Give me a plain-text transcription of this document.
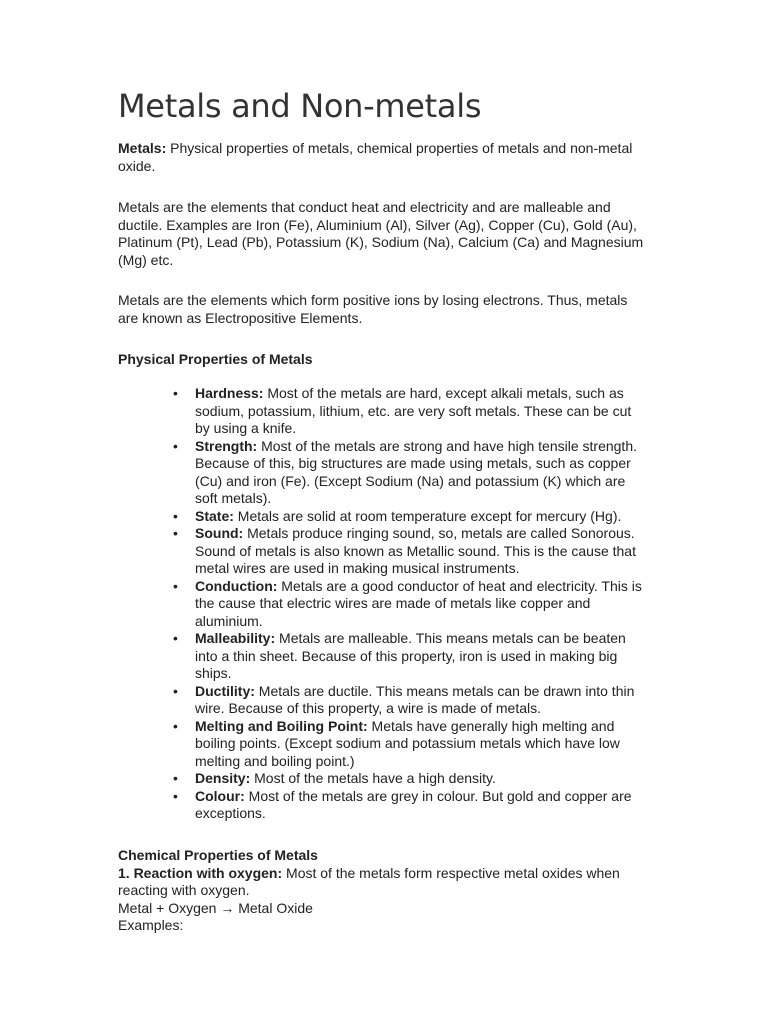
Metals and Non-metals

Metals: Physical properties of metals, chemical properties of metals and non-metal oxide.

Metals are the elements that conduct heat and electricity and are malleable and ductile. Examples are Iron (Fe), Aluminium (Al), Silver (Ag), Copper (Cu), Gold (Au), Platinum (Pt), Lead (Pb), Potassium (K), Sodium (Na), Calcium (Ca) and Magnesium (Mg) etc.

Metals are the elements which form positive ions by losing electrons. Thus, metals are known as Electropositive Elements.

Physical Properties of Metals

• Hardness: Most of the metals are hard, except alkali metals, such as sodium, potassium, lithium, etc. are very soft metals. These can be cut by using a knife.
• Strength: Most of the metals are strong and have high tensile strength. Because of this, big structures are made using metals, such as copper (Cu) and iron (Fe). (Except Sodium (Na) and potassium (K) which are soft metals).
• State: Metals are solid at room temperature except for mercury (Hg).
• Sound: Metals produce ringing sound, so, metals are called Sonorous. Sound of metals is also known as Metallic sound. This is the cause that metal wires are used in making musical instruments.
• Conduction: Metals are a good conductor of heat and electricity. This is the cause that electric wires are made of metals like copper and aluminium.
• Malleability: Metals are malleable. This means metals can be beaten into a thin sheet. Because of this property, iron is used in making big ships.
• Ductility: Metals are ductile. This means metals can be drawn into thin wire. Because of this property, a wire is made of metals.
• Melting and Boiling Point: Metals have generally high melting and boiling points. (Except sodium and potassium metals which have low melting and boiling point.)
• Density: Most of the metals have a high density.
• Colour: Most of the metals are grey in colour. But gold and copper are exceptions.

Chemical Properties of Metals

1. Reaction with oxygen: Most of the metals form respective metal oxides when reacting with oxygen.

Metal + Oxygen → Metal Oxide

Examples:
